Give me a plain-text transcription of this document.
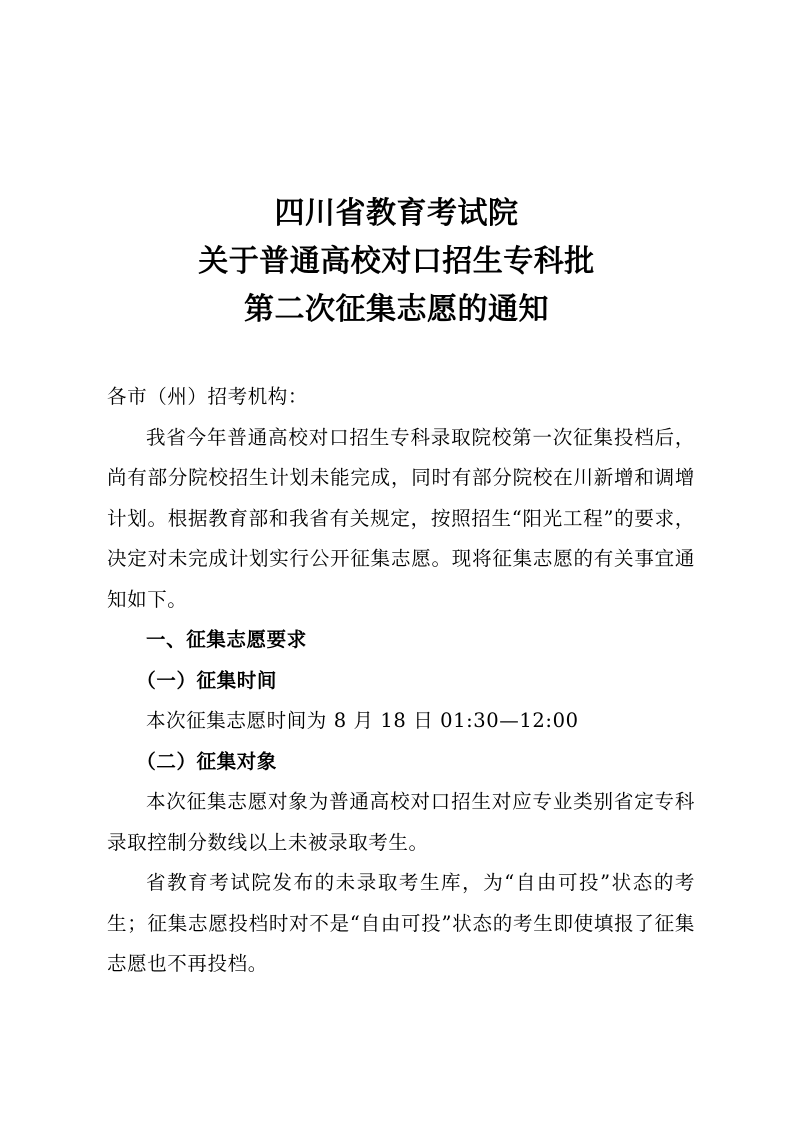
四川省教育考试院
关于普通高校对口招生专科批
第二次征集志愿的通知

各市（州）招考机构：

我省今年普通高校对口招生专科录取院校第一次征集投档后，尚有部分院校招生计划未能完成，同时有部分院校在川新增和调增计划。根据教育部和我省有关规定，按照招生“阳光工程”的要求，决定对未完成计划实行公开征集志愿。现将征集志愿的有关事宜通知如下。

一、征集志愿要求

（一）征集时间

本次征集志愿时间为 8 月 18 日 01:30—12:00

（二）征集对象

本次征集志愿对象为普通高校对口招生对应专业类别省定专科录取控制分数线以上未被录取考生。

省教育考试院发布的未录取考生库，为“自由可投”状态的考生；征集志愿投档时对不是“自由可投”状态的考生即使填报了征集志愿也不再投档。
